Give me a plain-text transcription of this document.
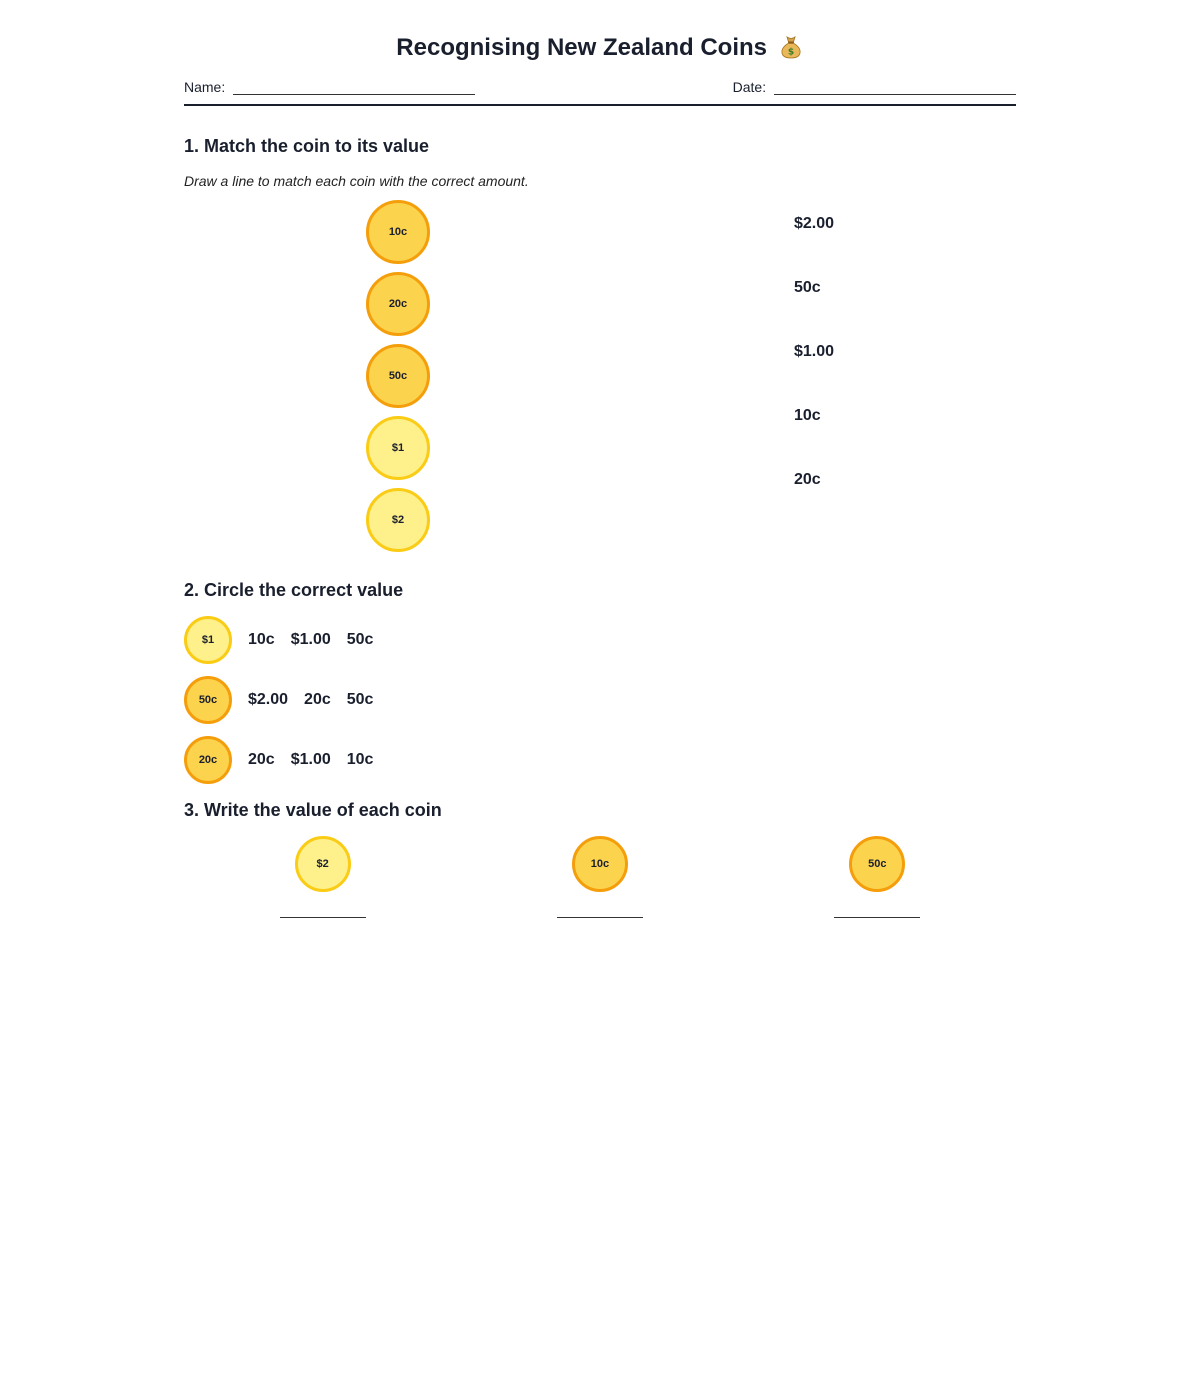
Recognising New Zealand Coins $
Name:	Date:
1. Match the coin to its value
Draw a line to match each coin with the correct amount.
10c
20c
50c
$1
$2
$2.00
50c
$1.00
10c
20c
2. Circle the correct value
$1 10c $1.00 50c
50c $2.00 20c 50c
20c 20c $1.00 10c
3. Write the value of each coin
$2	10c	50c
